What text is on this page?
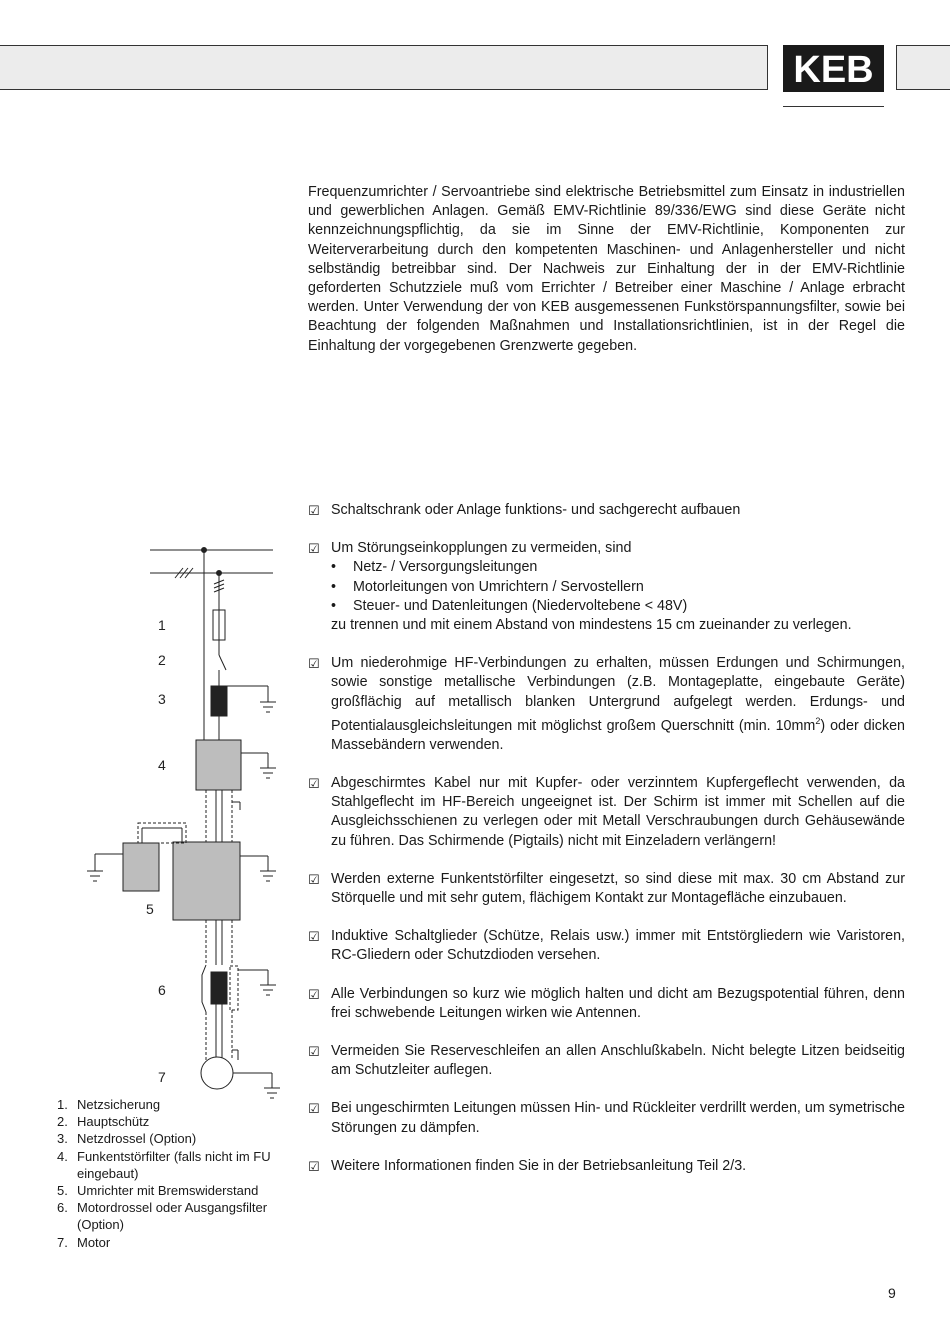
KEB

Frequenzumrichter / Servoantriebe sind elektrische Betriebsmittel zum Einsatz in industriellen und gewerblichen Anlagen. Gemäß EMV-Richtlinie 89/336/EWG sind diese Geräte nicht kennzeichnungspflichtig, da sie im Sinne der EMV-Richtlinie, Komponenten zur Weiterverarbeitung durch den kompetenten Maschinen- und Anlagenhersteller und nicht selbständig betreibbar sind. Der Nachweis zur Einhaltung der in der EMV-Richtlinie geforderten Schutzziele muß vom Errichter / Betreiber einer Maschine / Anlage erbracht werden. Unter Verwendung der von KEB ausgemessenen Funkstörspannungsfilter, sowie bei Beachtung der folgenden Maßnahmen und Installationsrichtlinien, ist in der Regel die Einhaltung der vorgegebenen Grenzwerte gegeben.

☑ Schaltschrank oder Anlage funktions- und sachgerecht aufbauen
☑ Um Störungseinkopplungen zu vermeiden, sind
• Netz- / Versorgungsleitungen
• Motorleitungen von Umrichtern / Servostellern
• Steuer- und Datenleitungen (Niedervoltebene < 48V)
zu trennen und mit einem Abstand von mindestens 15 cm zueinander zu verlegen.
☑ Um niederohmige HF-Verbindungen zu erhalten, müssen Erdungen und Schirmungen, sowie sonstige metallische Verbindungen (z.B. Montageplatte, eingebaute Geräte) großflächig auf metallisch blanken Untergrund aufgelegt werden. Erdungs- und Potentialausgleichsleitungen mit möglichst großem Querschnitt (min. $10mm^2$) oder dicken Massebändern verwenden.
☑ Abgeschirmtes Kabel nur mit Kupfer- oder verzinntem Kupfergeflecht verwenden, da Stahlgeflecht im HF-Bereich ungeeignet ist. Der Schirm ist immer mit Schellen auf die Ausgleichsschienen zu verlegen oder mit Metall Verschraubungen durch Gehäusewände zu führen. Das Schirmende (Pigtails) nicht mit Einzeladern verlängern!
☑ Werden externe Funkentstörfilter eingesetzt, so sind diese mit max. 30 cm Abstand zur Störquelle und mit sehr gutem, flächigem Kontakt zur Montagefläche einzubauen.
☑ Induktive Schaltglieder (Schütze, Relais usw.) immer mit Entstörgliedern wie Varistoren, RC-Gliedern oder Schutzdioden versehen.
☑ Alle Verbindungen so kurz wie möglich halten und dicht am Bezugspotential führen, denn frei schwebende Leitungen wirken wie Antennen.
☑ Vermeiden Sie Reserveschleifen an allen Anschlußkabeln. Nicht belegte Litzen beidseitig am Schutzleiter auflegen.
☑ Bei ungeschirmten Leitungen müssen Hin- und Rückleiter verdrillt werden, um symetrische Störungen zu dämpfen.
☑ Weitere Informationen finden Sie in der Betriebsanleitung Teil 2/3.
1
2
3
4
5
6
7
1. Netzsicherung
2. Hauptschütz
3. Netzdrossel (Option)
4. Funkentstörfilter (falls nicht im FU eingebaut)
5. Umrichter mit Bremswiderstand
6. Motordrossel oder Ausgangsfilter (Option)
7. Motor
9
